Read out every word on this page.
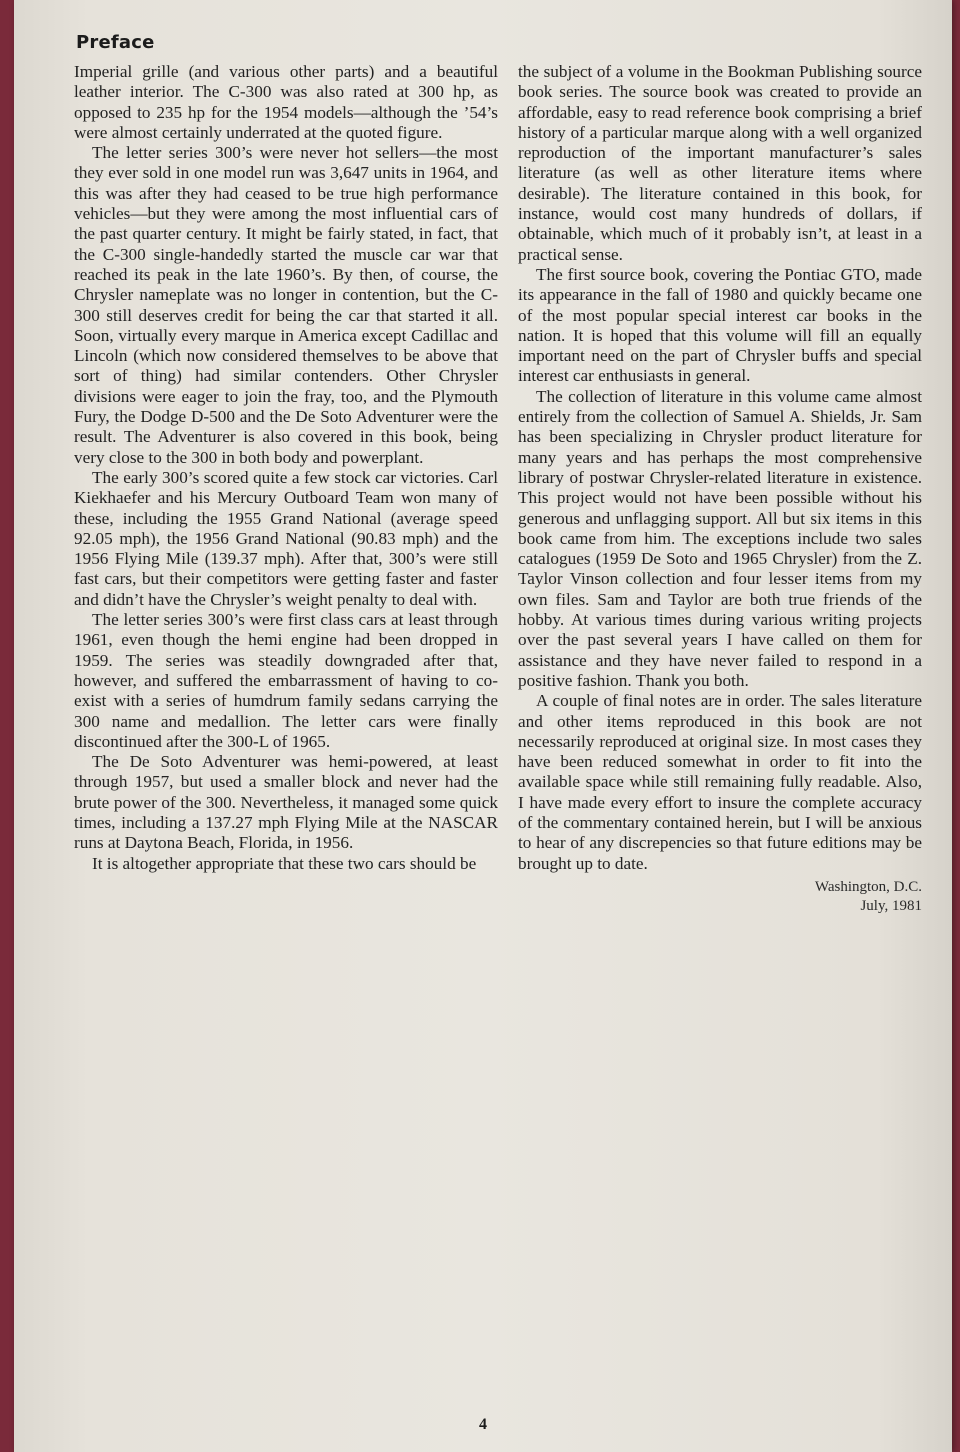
Preface

Imperial grille (and various other parts) and a beautiful leather interior. The C-300 was also rated at 300 hp, as opposed to 235 hp for the 1954 models—although the ’54’s were almost certainly underrated at the quoted figure.

The letter series 300’s were never hot sellers—the most they ever sold in one model run was 3,647 units in 1964, and this was after they had ceased to be true high performance vehicles—but they were among the most influential cars of the past quarter century. It might be fairly stated, in fact, that the C-300 single-handedly started the muscle car war that reached its peak in the late 1960’s. By then, of course, the Chrysler nameplate was no longer in contention, but the C-300 still deserves credit for being the car that started it all. Soon, virtually every marque in America except Cadillac and Lincoln (which now considered themselves to be above that sort of thing) had similar contenders. Other Chrysler divisions were eager to join the fray, too, and the Plymouth Fury, the Dodge D-500 and the De Soto Adventurer were the result. The Adventurer is also covered in this book, being very close to the 300 in both body and powerplant.

The early 300’s scored quite a few stock car victories. Carl Kiekhaefer and his Mercury Outboard Team won many of these, including the 1955 Grand National (average speed 92.05 mph), the 1956 Grand National (90.83 mph) and the 1956 Flying Mile (139.37 mph). After that, 300’s were still fast cars, but their competitors were getting faster and faster and didn’t have the Chrysler’s weight penalty to deal with.

The letter series 300’s were first class cars at least through 1961, even though the hemi engine had been dropped in 1959. The series was steadily downgraded after that, however, and suffered the embarrassment of having to co-exist with a series of humdrum family sedans carrying the 300 name and medallion. The letter cars were finally discontinued after the 300-L of 1965.

The De Soto Adventurer was hemi-powered, at least through 1957, but used a smaller block and never had the brute power of the 300. Nevertheless, it managed some quick times, including a 137.27 mph Flying Mile at the NASCAR runs at Daytona Beach, Florida, in 1956.

It is altogether appropriate that these two cars should be

the subject of a volume in the Bookman Publishing source book series. The source book was created to provide an affordable, easy to read reference book comprising a brief history of a particular marque along with a well organized reproduction of the important manufacturer’s sales literature (as well as other literature items where desirable). The literature contained in this book, for instance, would cost many hundreds of dollars, if obtainable, which much of it probably isn’t, at least in a practical sense.

The first source book, covering the Pontiac GTO, made its appearance in the fall of 1980 and quickly became one of the most popular special interest car books in the nation. It is hoped that this volume will fill an equally important need on the part of Chrysler buffs and special interest car enthusiasts in general.

The collection of literature in this volume came almost entirely from the collection of Samuel A. Shields, Jr. Sam has been specializing in Chrysler product literature for many years and has perhaps the most comprehensive library of postwar Chrysler-related literature in existence. This project would not have been possible without his generous and unflagging support. All but six items in this book came from him. The exceptions include two sales catalogues (1959 De Soto and 1965 Chrysler) from the Z. Taylor Vinson collection and four lesser items from my own files. Sam and Taylor are both true friends of the hobby. At various times during various writing projects over the past several years I have called on them for assistance and they have never failed to respond in a positive fashion. Thank you both.

A couple of final notes are in order. The sales literature and other items reproduced in this book are not necessarily reproduced at original size. In most cases they have been reduced somewhat in order to fit into the available space while still remaining fully readable. Also, I have made every effort to insure the complete accuracy of the commentary contained herein, but I will be anxious to hear of any discrepencies so that future editions may be brought up to date.

Washington, D.C.
July, 1981
4
